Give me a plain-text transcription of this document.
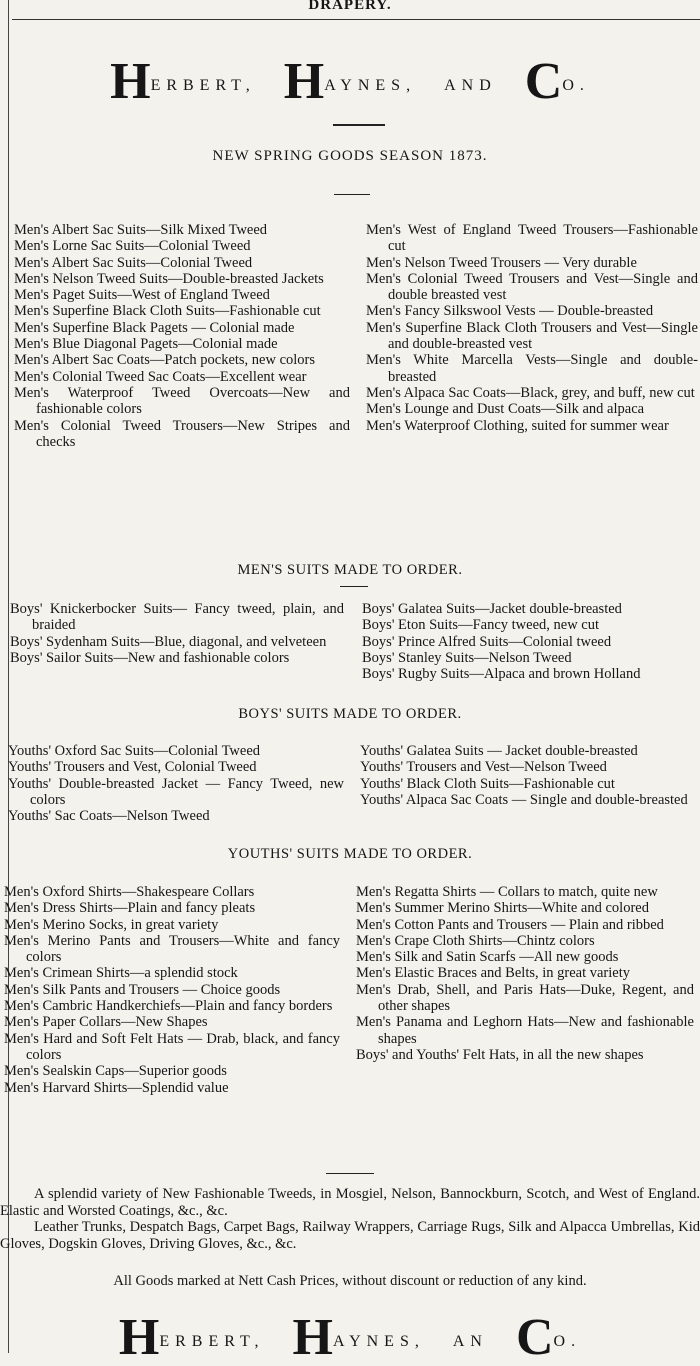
DRAPERY.
HERBERT, HAYNES, AND CO.
NEW SPRING GOODS SEASON 1873.
Men's Albert Sac Suits—Silk Mixed Tweed
Men's Lorne Sac Suits—Colonial Tweed
Men's Albert Sac Suits—Colonial Tweed
Men's Nelson Tweed Suits—Double-breasted Jackets
Men's Paget Suits—West of England Tweed
Men's Superfine Black Cloth Suits—Fashionable cut
Men's Superfine Black Pagets — Colonial made
Men's Blue Diagonal Pagets—Colonial made
Men's Albert Sac Coats—Patch pockets, new colors
Men's Colonial Tweed Sac Coats—Excellent wear
Men's Waterproof Tweed Overcoats—New and fashionable colors
Men's Colonial Tweed Trousers—New Stripes and checks
Men's West of England Tweed Trousers—Fashionable cut
Men's Nelson Tweed Trousers — Very durable
Men's Colonial Tweed Trousers and Vest—Single and double breasted vest
Men's Fancy Silkswool Vests — Double-breasted
Men's Superfine Black Cloth Trousers and Vest—Single and double-breasted vest
Men's White Marcella Vests—Single and double-breasted
Men's Alpaca Sac Coats—Black, grey, and buff, new cut
Men's Lounge and Dust Coats—Silk and alpaca
Men's Waterproof Clothing, suited for summer wear
MEN'S SUITS MADE TO ORDER.
Boys' Knickerbocker Suits— Fancy tweed, plain, and braided
Boys' Sydenham Suits—Blue, diagonal, and velveteen
Boys' Sailor Suits—New and fashionable colors
Boys' Galatea Suits—Jacket double-breasted
Boys' Eton Suits—Fancy tweed, new cut
Boys' Prince Alfred Suits—Colonial tweed
Boys' Stanley Suits—Nelson Tweed
Boys' Rugby Suits—Alpaca and brown Holland
BOYS' SUITS MADE TO ORDER.
Youths' Oxford Sac Suits—Colonial Tweed
Youths' Trousers and Vest, Colonial Tweed
Youths' Double-breasted Jacket — Fancy Tweed, new colors
Youths' Sac Coats—Nelson Tweed
Youths' Galatea Suits — Jacket double-breasted
Youths' Trousers and Vest—Nelson Tweed
Youths' Black Cloth Suits—Fashionable cut
Youths' Alpaca Sac Coats — Single and double-breasted
YOUTHS' SUITS MADE TO ORDER.
Men's Oxford Shirts—Shakespeare Collars
Men's Dress Shirts—Plain and fancy pleats
Men's Merino Socks, in great variety
Men's Merino Pants and Trousers—White and fancy colors
Men's Crimean Shirts—a splendid stock
Men's Silk Pants and Trousers — Choice goods
Men's Cambric Handkerchiefs—Plain and fancy borders
Men's Paper Collars—New Shapes
Men's Hard and Soft Felt Hats — Drab, black, and fancy colors
Men's Sealskin Caps—Superior goods
Men's Harvard Shirts—Splendid value
Men's Regatta Shirts — Collars to match, quite new
Men's Summer Merino Shirts—White and colored
Men's Cotton Pants and Trousers — Plain and ribbed
Men's Crape Cloth Shirts—Chintz colors
Men's Silk and Satin Scarfs —All new goods
Men's Elastic Braces and Belts, in great variety
Men's Drab, Shell, and Paris Hats—Duke, Regent, and other shapes
Men's Panama and Leghorn Hats—New and fashionable shapes
Boys' and Youths' Felt Hats, in all the new shapes
A splendid variety of New Fashionable Tweeds, in Mosgiel, Nelson, Bannockburn, Scotch, and West of England. Elastic and Worsted Coatings, &c., &c.
Leather Trunks, Despatch Bags, Carpet Bags, Railway Wrappers, Carriage Rugs, Silk and Alpacca Umbrellas, Kid Gloves, Dogskin Gloves, Driving Gloves, &c., &c.
All Goods marked at Nett Cash Prices, without discount or reduction of any kind.
HERBERT, HAYNES, AN CO.
